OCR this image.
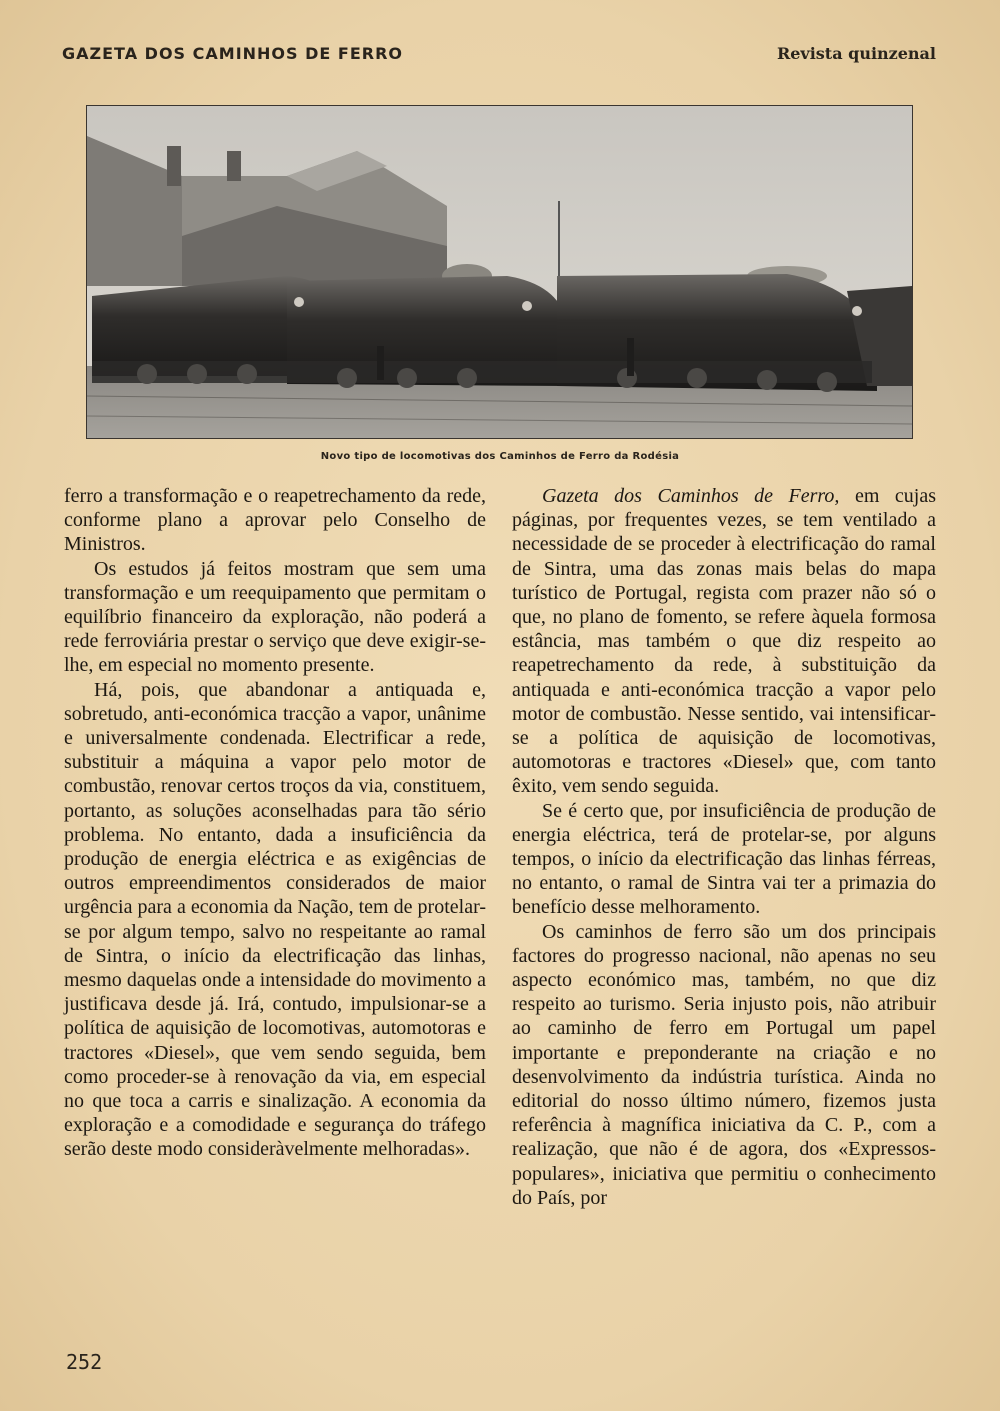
GAZETA DOS CAMINHOS DE FERRO	Revista quinzenal
Novo tipo de locomotivas dos Caminhos de Ferro da Rodésia

ferro a transformação e o reapetrechamento da rede, conforme plano a aprovar pelo Conselho de Ministros.

Os estudos já feitos mostram que sem uma transformação e um reequipamento que permitam o equilíbrio financeiro da exploração, não poderá a rede ferroviária prestar o serviço que deve exigir-se-lhe, em especial no momento presente.

Há, pois, que abandonar a antiquada e, sobretudo, anti-económica tracção a vapor, unânime e universalmente condenada. Electrificar a rede, substituir a máquina a vapor pelo motor de combustão, renovar certos troços da via, constituem, portanto, as soluções aconselhadas para tão sério problema. No entanto, dada a insuficiência da produção de energia eléctrica e as exigências de outros empreendimentos considerados de maior urgência para a economia da Nação, tem de protelar-se por algum tempo, salvo no respeitante ao ramal de Sintra, o início da electrificação das linhas, mesmo daquelas onde a intensidade do movimento a justificava desde já. Irá, contudo, impulsionar-se a política de aquisição de locomotivas, automotoras e tractores «Diesel», que vem sendo seguida, bem como proceder-se à renovação da via, em especial no que toca a carris e sinalização. A economia da exploração e a comodidade e segurança do tráfego serão deste modo consideràvelmente melhoradas».

Gazeta dos Caminhos de Ferro, em cujas páginas, por frequentes vezes, se tem ventilado a necessidade de se proceder à electrificação do ramal de Sintra, uma das zonas mais belas do mapa turístico de Portugal, regista com prazer não só o que, no plano de fomento, se refere àquela formosa estância, mas também o que diz respeito ao reapetrechamento da rede, à substituição da antiquada e anti-económica tracção a vapor pelo motor de combustão. Nesse sentido, vai intensificar-se a política de aquisição de locomotivas, automotoras e tractores «Diesel» que, com tanto êxito, vem sendo seguida.

Se é certo que, por insuficiência de produção de energia eléctrica, terá de protelar-se, por alguns tempos, o início da electrificação das linhas férreas, no entanto, o ramal de Sintra vai ter a primazia do benefício desse melhoramento.

Os caminhos de ferro são um dos principais factores do progresso nacional, não apenas no seu aspecto económico mas, também, no que diz respeito ao turismo. Seria injusto pois, não atribuir ao caminho de ferro em Portugal um papel importante e preponderante na criação e no desenvolvimento da indústria turística. Ainda no editorial do nosso último número, fizemos justa referência à magnífica iniciativa da C. P., com a realização, que não é de agora, dos «Expressos-populares», iniciativa que permitiu o conhecimento do País, por

252
